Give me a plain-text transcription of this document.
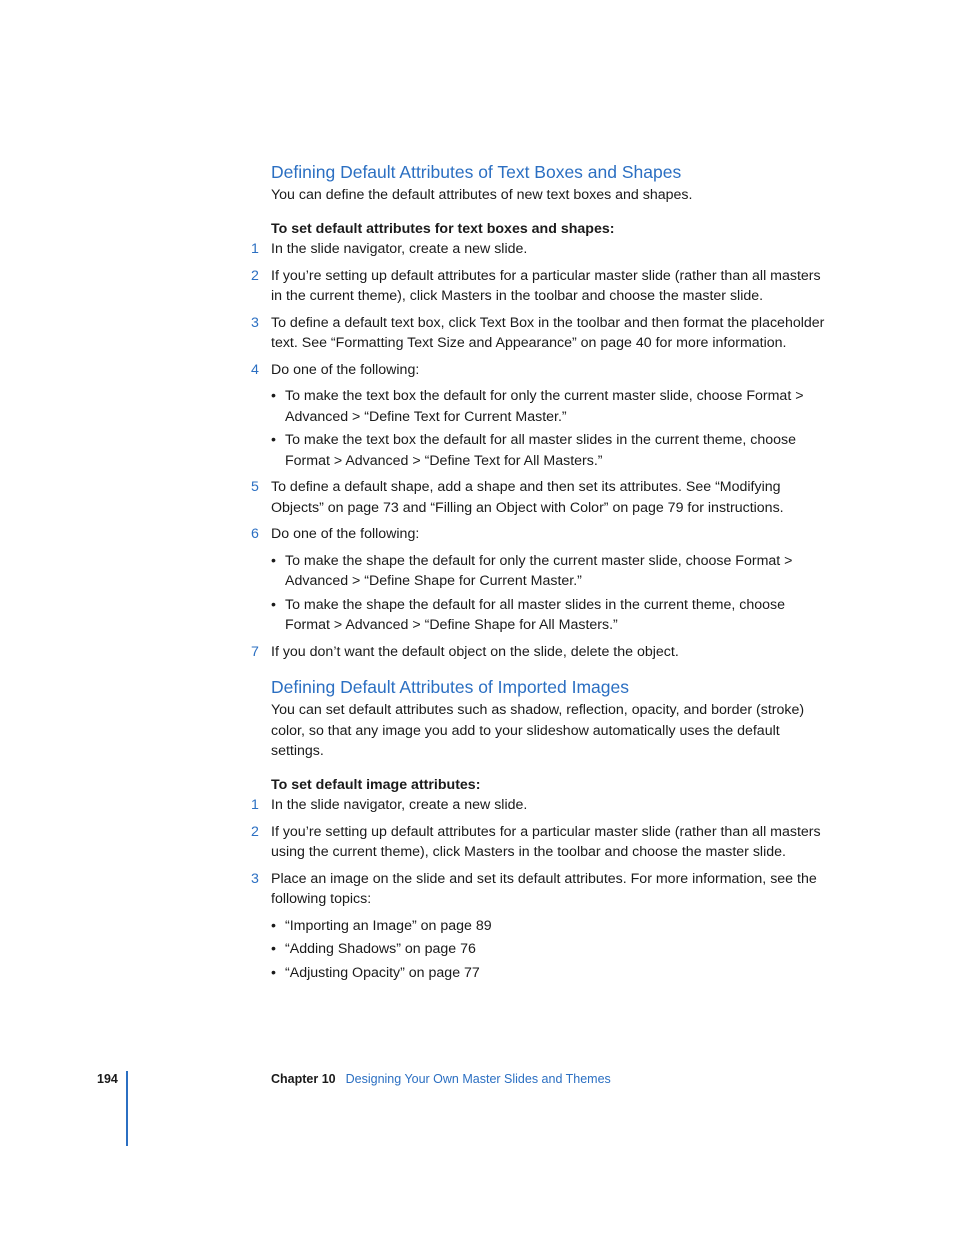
Defining Default Attributes of Text Boxes and Shapes

You can define the default attributes of new text boxes and shapes.

To set default attributes for text boxes and shapes:

1 In the slide navigator, create a new slide.
2 If you’re setting up default attributes for a particular master slide (rather than all masters in the current theme), click Masters in the toolbar and choose the master slide.
3 To define a default text box, click Text Box in the toolbar and then format the placeholder text. See “Formatting Text Size and Appearance” on page 40 for more information.
4 Do one of the following:
• To make the text box the default for only the current master slide, choose Format > Advanced > “Define Text for Current Master.”
• To make the text box the default for all master slides in the current theme, choose Format > Advanced > “Define Text for All Masters.”
5 To define a default shape, add a shape and then set its attributes. See “Modifying Objects” on page 73 and “Filling an Object with Color” on page 79 for instructions.
6 Do one of the following:
• To make the shape the default for only the current master slide, choose Format > Advanced > “Define Shape for Current Master.”
• To make the shape the default for all master slides in the current theme, choose Format > Advanced > “Define Shape for All Masters.”
7 If you don’t want the default object on the slide, delete the object.
Defining Default Attributes of Imported Images

You can set default attributes such as shadow, reflection, opacity, and border (stroke) color, so that any image you add to your slideshow automatically uses the default settings.

To set default image attributes:

1 In the slide navigator, create a new slide.
2 If you’re setting up default attributes for a particular master slide (rather than all masters using the current theme), click Masters in the toolbar and choose the master slide.
3 Place an image on the slide and set its default attributes. For more information, see the following topics:
• “Importing an Image” on page 89
• “Adding Shadows” on page 76
• “Adjusting Opacity” on page 77
194	Chapter 10 Designing Your Own Master Slides and Themes
